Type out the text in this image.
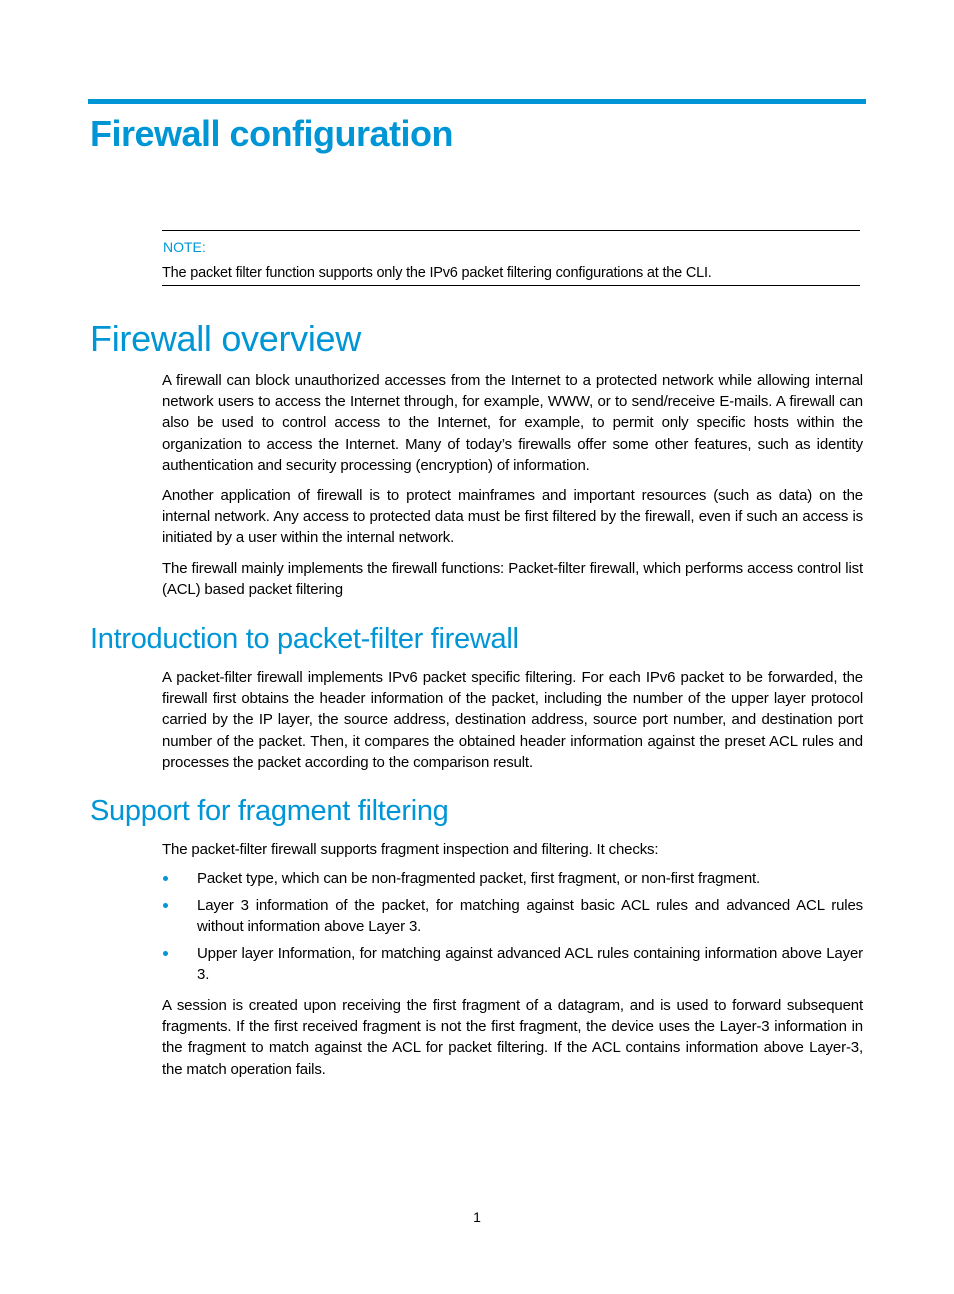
Firewall configuration
NOTE:
The packet filter function supports only the IPv6 packet filtering configurations at the CLI.
Firewall overview

A firewall can block unauthorized accesses from the Internet to a protected network while allowing internal network users to access the Internet through, for example, WWW, or to send/receive E-mails. A firewall can also be used to control access to the Internet, for example, to permit only specific hosts within the organization to access the Internet. Many of today’s firewalls offer some other features, such as identity authentication and security processing (encryption) of information.

Another application of firewall is to protect mainframes and important resources (such as data) on the internal network. Any access to protected data must be first filtered by the firewall, even if such an access is initiated by a user within the internal network.

The firewall mainly implements the firewall functions: Packet-filter firewall, which performs access control list (ACL) based packet filtering

Introduction to packet-filter firewall

A packet-filter firewall implements IPv6 packet specific filtering. For each IPv6 packet to be forwarded, the firewall first obtains the header information of the packet, including the number of the upper layer protocol carried by the IP layer, the source address, destination address, source port number, and destination port number of the packet. Then, it compares the obtained header information against the preset ACL rules and processes the packet according to the comparison result.

Support for fragment filtering

The packet-filter firewall supports fragment inspection and filtering. It checks:

Packet type, which can be non-fragmented packet, first fragment, or non-first fragment.
Layer 3 information of the packet, for matching against basic ACL rules and advanced ACL rules without information above Layer 3.
Upper layer Information, for matching against advanced ACL rules containing information above Layer 3.

A session is created upon receiving the first fragment of a datagram, and is used to forward subsequent fragments. If the first received fragment is not the first fragment, the device uses the Layer-3 information in the fragment to match against the ACL for packet filtering. If the ACL contains information above Layer-3, the match operation fails.

1
